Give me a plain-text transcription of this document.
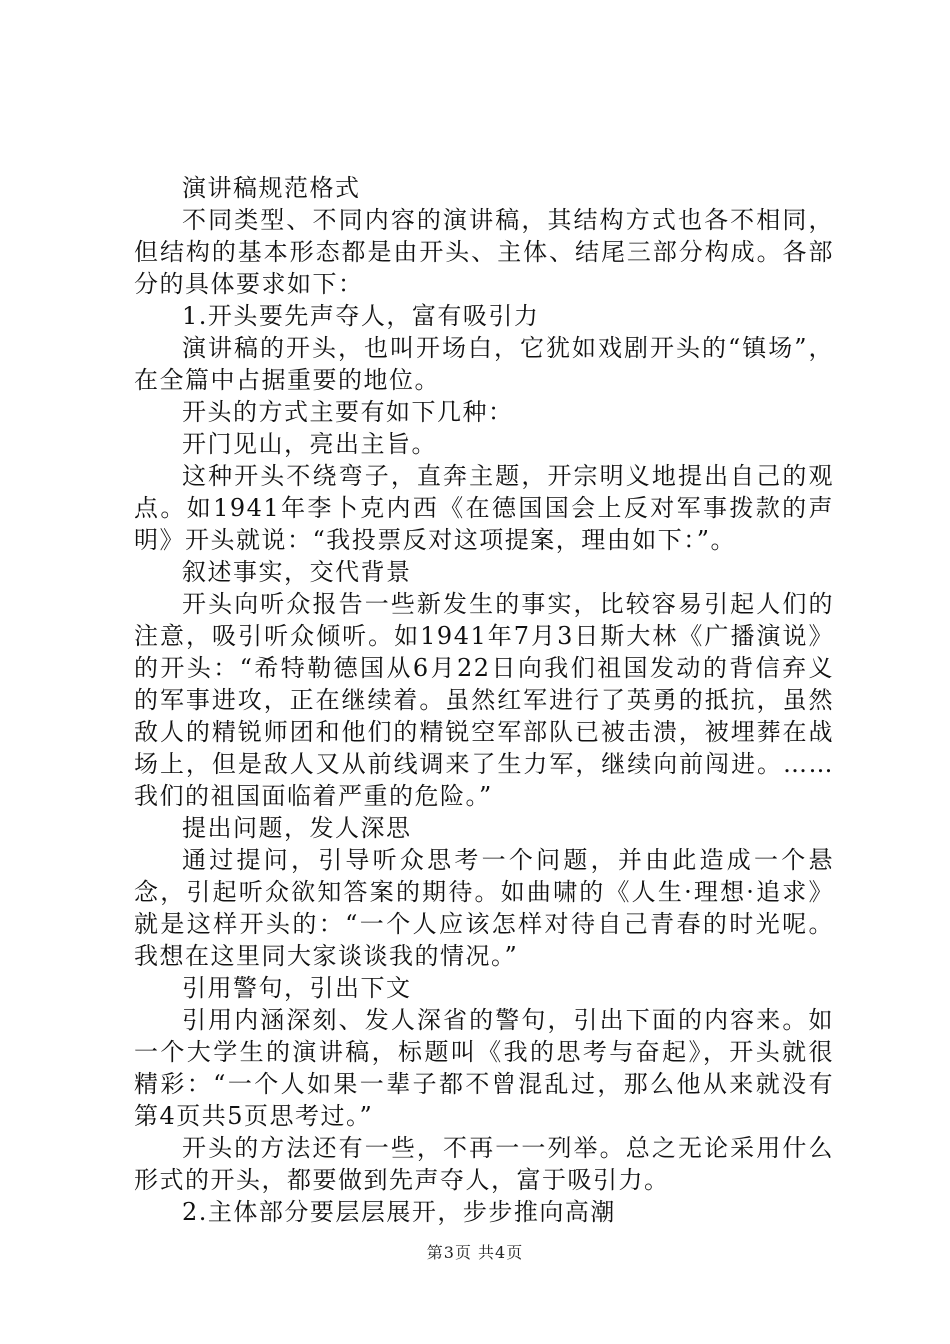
演讲稿规范格式

不同类型、不同内容的演讲稿，其结构方式也各不相同，但结构的基本形态都是由开头、主体、结尾三部分构成。各部分的具体要求如下：

1.开头要先声夺人，富有吸引力

演讲稿的开头，也叫开场白，它犹如戏剧开头的“镇场”，在全篇中占据重要的地位。

开头的方式主要有如下几种：

开门见山，亮出主旨。

这种开头不绕弯子，直奔主题，开宗明义地提出自己的观点。如1941年李卜克内西《在德国国会上反对军事拨款的声明》开头就说：“我投票反对这项提案，理由如下：”。

叙述事实，交代背景

开头向听众报告一些新发生的事实，比较容易引起人们的注意，吸引听众倾听。如1941年7月3日斯大林《广播演说》的开头：“希特勒德国从6月22日向我们祖国发动的背信弃义的军事进攻，正在继续着。虽然红军进行了英勇的抵抗，虽然敌人的精锐师团和他们的精锐空军部队已被击溃，被埋葬在战场上，但是敌人又从前线调来了生力军，继续向前闯进。……我们的祖国面临着严重的危险。”

提出问题，发人深思

通过提问，引导听众思考一个问题，并由此造成一个悬念，引起听众欲知答案的期待。如曲啸的《人生·理想·追求》就是这样开头的：“一个人应该怎样对待自己青春的时光呢。我想在这里同大家谈谈我的情况。”

引用警句，引出下文

引用内涵深刻、发人深省的警句，引出下面的内容来。如一个大学生的演讲稿，标题叫《我的思考与奋起》，开头就很精彩：“一个人如果一辈子都不曾混乱过，那么他从来就没有第4页共5页思考过。”

开头的方法还有一些，不再一一列举。总之无论采用什么形式的开头，都要做到先声夺人，富于吸引力。

2.主体部分要层层展开，步步推向高潮

第3页 共4页
